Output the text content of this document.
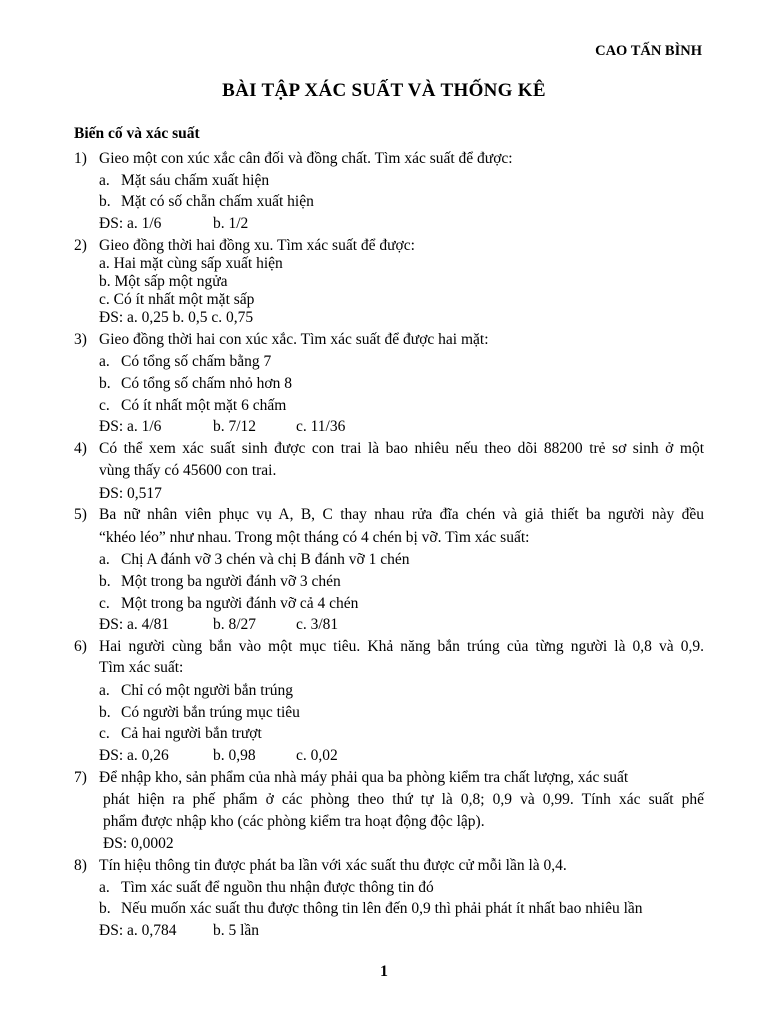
CAO TẤN BÌNH
BÀI TẬP XÁC SUẤT VÀ THỐNG KÊ
Biến cố và xác suất
1) Gieo một con xúc xắc cân đối và đồng chất. Tìm xác suất để được:
a. Mặt sáu chấm xuất hiện
b. Mặt có số chẵn chấm xuất hiện
ĐS: a. 1/6	b. 1/2
2) Gieo đồng thời hai đồng xu. Tìm xác suất để được:
a. Hai mặt cùng sấp xuất hiện
b. Một sấp một ngửa
c. Có ít nhất một mặt sấp
ĐS: a. 0,25 b. 0,5 c. 0,75
3) Gieo đồng thời hai con xúc xắc. Tìm xác suất để được hai mặt:
a. Có tổng số chấm bằng 7
b. Có tổng số chấm nhỏ hơn 8
c. Có ít nhất một mặt 6 chấm
ĐS: a. 1/6	b. 7/12	c. 11/36
4) Có thể xem xác suất sinh được con trai là bao nhiêu nếu theo dõi 88200 trẻ sơ sinh ở một
vùng thấy có 45600 con trai.
ĐS: 0,517
5) Ba nữ nhân viên phục vụ A, B, C thay nhau rửa đĩa chén và giả thiết ba người này đều
“khéo léo” như nhau. Trong một tháng có 4 chén bị vỡ. Tìm xác suất:
a. Chị A đánh vỡ 3 chén và chị B đánh vỡ 1 chén
b. Một trong ba người đánh vỡ 3 chén
c. Một trong ba người đánh vỡ cả 4 chén
ĐS: a. 4/81	b. 8/27	c. 3/81
6) Hai người cùng bắn vào một mục tiêu. Khả năng bắn trúng của từng người là 0,8 và 0,9.
Tìm xác suất:
a. Chỉ có một người bắn trúng
b. Có người bắn trúng mục tiêu
c. Cả hai người bắn trượt
ĐS: a. 0,26	b. 0,98	c. 0,02
7) Để nhập kho, sản phẩm của nhà máy phải qua ba phòng kiểm tra chất lượng, xác suất
phát hiện ra phế phẩm ở các phòng theo thứ tự là 0,8; 0,9 và 0,99. Tính xác suất phế
phẩm được nhập kho (các phòng kiểm tra hoạt động độc lập).
ĐS: 0,0002
8) Tín hiệu thông tin được phát ba lần với xác suất thu được cử mỗi lần là 0,4.
a. Tìm xác suất để nguồn thu nhận được thông tin đó
b. Nếu muốn xác suất thu được thông tin lên đến 0,9 thì phải phát ít nhất bao nhiêu lần
ĐS: a. 0,784 b. 5 lần
1
